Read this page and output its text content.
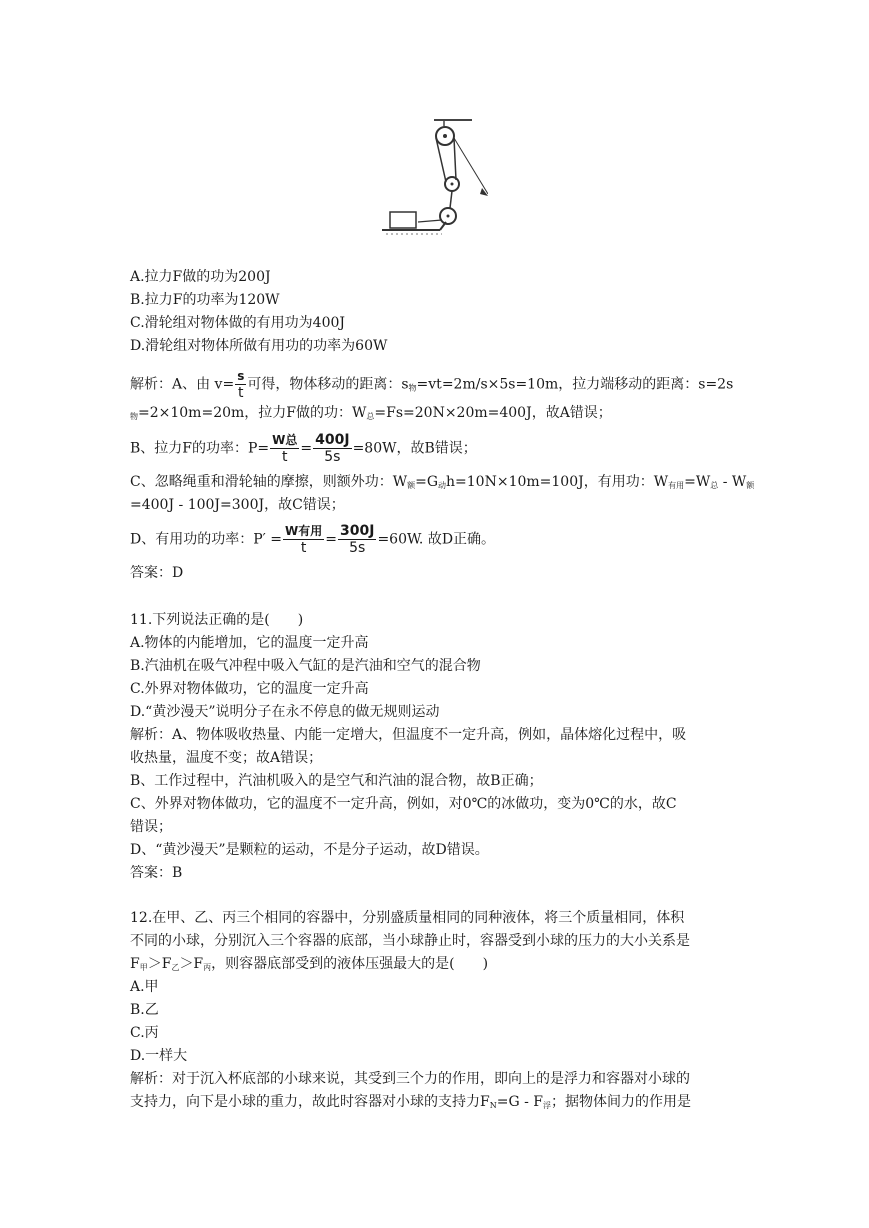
A.拉力F做的功为200J
B.拉力F的功率为120W
C.滑轮组对物体做的有用功为400J
D.滑轮组对物体所做有用功的功率为60W
解析：A、由 $v= \frac{s}{t}$ 可得，物体移动的距离：$s_物=vt=2m/s\times 5s=10m$，拉力端移动的距离：s=2s
$_物$=2×10m=20m，拉力F做的功：$W_总=Fs=20N\times 20m=400J$，故A错误；
B、拉力F的功率：$P= \frac{\text{W总}}{t} = \frac{400J}{5s} =80W$，故B错误；
C、忽略绳重和滑轮轴的摩擦，则额外功：$W_额=G_动h=10N\times 10m=100J$，有用功：$W_{有用}=W_总 - W_额$
=400J - 100J=300J，故C错误；
D、有用功的功率：$P' = \frac{\text{W有用}}{t} = \frac{300J}{5s} =60W$. 故D正确。
答案：D
11.下列说法正确的是(　　)
A.物体的内能增加，它的温度一定升高
B.汽油机在吸气冲程中吸入气缸的是汽油和空气的混合物
C.外界对物体做功，它的温度一定升高
D.“黄沙漫天”说明分子在永不停息的做无规则运动
解析：A、物体吸收热量、内能一定增大，但温度不一定升高，例如，晶体熔化过程中，吸
收热量，温度不变；故A错误；
B、工作过程中，汽油机吸入的是空气和汽油的混合物，故B正确；
C、外界对物体做功，它的温度不一定升高，例如，对0℃的冰做功，变为0℃的水，故C
错误；
D、“黄沙漫天”是颗粒的运动，不是分子运动，故D错误。
答案：B
12.在甲、乙、丙三个相同的容器中，分别盛质量相同的同种液体，将三个质量相同，体积
不同的小球，分别沉入三个容器的底部，当小球静止时，容器受到小球的压力的大小关系是
$F_甲>F_乙>F_丙$，则容器底部受到的液体压强最大的是(　　)
A.甲
B.乙
C.丙
D.一样大
解析：对于沉入杯底部的小球来说，其受到三个力的作用，即向上的是浮力和容器对小球的
支持力，向下是小球的重力，故此时容器对小球的支持力$F_N=G - F_浮$；据物体间力的作用是
